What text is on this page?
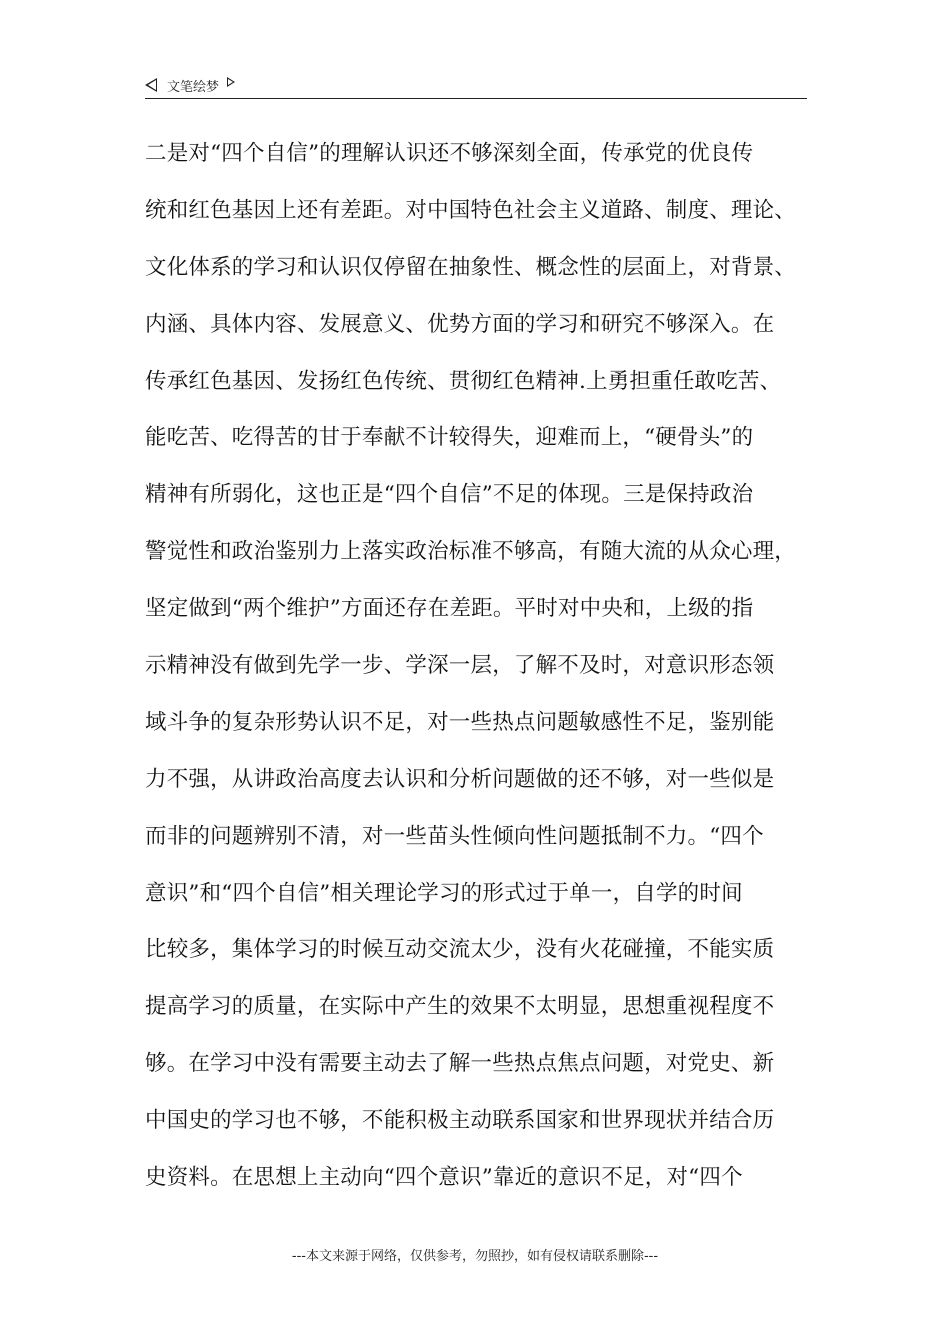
文笔绘梦
二是对“四个自信”的理解认识还不够深刻全面，传承党的优良传
统和红色基因上还有差距。对中国特色社会主义道路、制度、理论、
文化体系的学习和认识仅停留在抽象性、概念性的层面上，对背景、
内涵、具体内容、发展意义、优势方面的学习和研究不够深入。在
传承红色基因、发扬红色传统、贯彻红色精神.上勇担重任敢吃苦、
能吃苦、吃得苦的甘于奉献不计较得失，迎难而上，“硬骨头”的
精神有所弱化，这也正是“四个自信”不足的体现。三是保持政治
警觉性和政治鉴别力上落实政治标准不够高，有随大流的从众心理，
坚定做到“两个维护”方面还存在差距。平时对中央和，上级的指
示精神没有做到先学一步、学深一层，了解不及时，对意识形态领
域斗争的复杂形势认识不足，对一些热点问题敏感性不足，鉴别能
力不强，从讲政治高度去认识和分析问题做的还不够，对一些似是
而非的问题辨别不清，对一些苗头性倾向性问题抵制不力。“四个
意识”和“四个自信”相关理论学习的形式过于单一，自学的时间
比较多，集体学习的时候互动交流太少，没有火花碰撞，不能实质
提高学习的质量，在实际中产生的效果不太明显，思想重视程度不
够。在学习中没有需要主动去了解一些热点焦点问题，对党史、新
中国史的学习也不够，不能积极主动联系国家和世界现状并结合历
史资料。在思想上主动向“四个意识”靠近的意识不足，对“四个
---本文来源于网络，仅供参考，勿照抄，如有侵权请联系删除---
